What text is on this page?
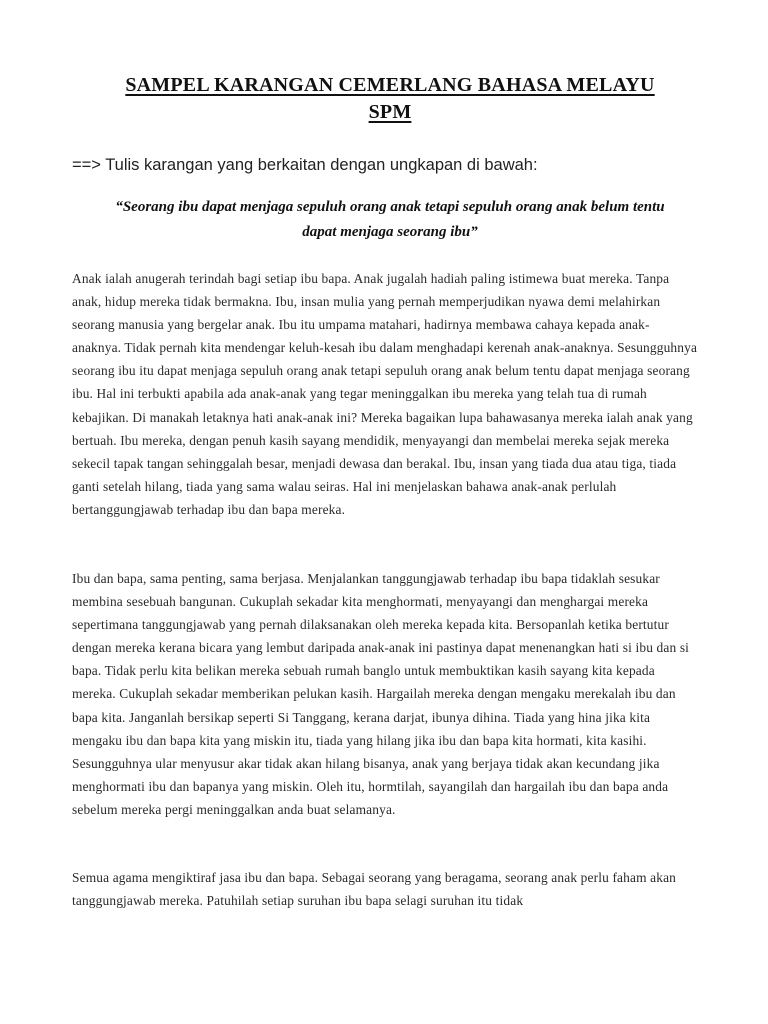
SAMPEL KARANGAN CEMERLANG BAHASA MELAYU
SPM
==> Tulis karangan yang berkaitan dengan ungkapan di bawah:
“Seorang ibu dapat menjaga sepuluh orang anak tetapi sepuluh orang anak belum tentu
dapat menjaga seorang ibu”

Anak ialah anugerah terindah bagi setiap ibu bapa. Anak jugalah hadiah paling istimewa buat mereka. Tanpa anak, hidup mereka tidak bermakna. Ibu, insan mulia yang pernah memperjudikan nyawa demi melahirkan seorang manusia yang bergelar anak. Ibu itu umpama matahari, hadirnya membawa cahaya kepada anak-anaknya. Tidak pernah kita mendengar keluh-kesah ibu dalam menghadapi kerenah anak-anaknya. Sesungguhnya seorang ibu itu dapat menjaga sepuluh orang anak tetapi sepuluh orang anak belum tentu dapat menjaga seorang ibu. Hal ini terbukti apabila ada anak-anak yang tegar meninggalkan ibu mereka yang telah tua di rumah kebajikan. Di manakah letaknya hati anak-anak ini? Mereka bagaikan lupa bahawasanya mereka ialah anak yang bertuah. Ibu mereka, dengan penuh kasih sayang mendidik, menyayangi dan membelai mereka sejak mereka sekecil tapak tangan sehinggalah besar, menjadi dewasa dan berakal. Ibu, insan yang tiada dua atau tiga, tiada ganti setelah hilang, tiada yang sama walau seiras. Hal ini menjelaskan bahawa anak-anak perlulah bertanggungjawab terhadap ibu dan bapa mereka.

Ibu dan bapa, sama penting, sama berjasa. Menjalankan tanggungjawab terhadap ibu bapa tidaklah sesukar membina sesebuah bangunan. Cukuplah sekadar kita menghormati, menyayangi dan menghargai mereka sepertimana tanggungjawab yang pernah dilaksanakan oleh mereka kepada kita. Bersopanlah ketika bertutur dengan mereka kerana bicara yang lembut daripada anak-anak ini pastinya dapat menenangkan hati si ibu dan si bapa. Tidak perlu kita belikan mereka sebuah rumah banglo untuk membuktikan kasih sayang kita kepada mereka. Cukuplah sekadar memberikan pelukan kasih. Hargailah mereka dengan mengaku merekalah ibu dan bapa kita. Janganlah bersikap seperti Si Tanggang, kerana darjat, ibunya dihina. Tiada yang hina jika kita mengaku ibu dan bapa kita yang miskin itu, tiada yang hilang jika ibu dan bapa kita hormati, kita kasihi. Sesungguhnya ular menyusur akar tidak akan hilang bisanya, anak yang berjaya tidak akan kecundang jika menghormati ibu dan bapanya yang miskin. Oleh itu, hormtilah, sayangilah dan hargailah ibu dan bapa anda sebelum mereka pergi meninggalkan anda buat selamanya.

Semua agama mengiktiraf jasa ibu dan bapa. Sebagai seorang yang beragama, seorang anak perlu faham akan tanggungjawab mereka. Patuhilah setiap suruhan ibu bapa selagi suruhan itu tidak
